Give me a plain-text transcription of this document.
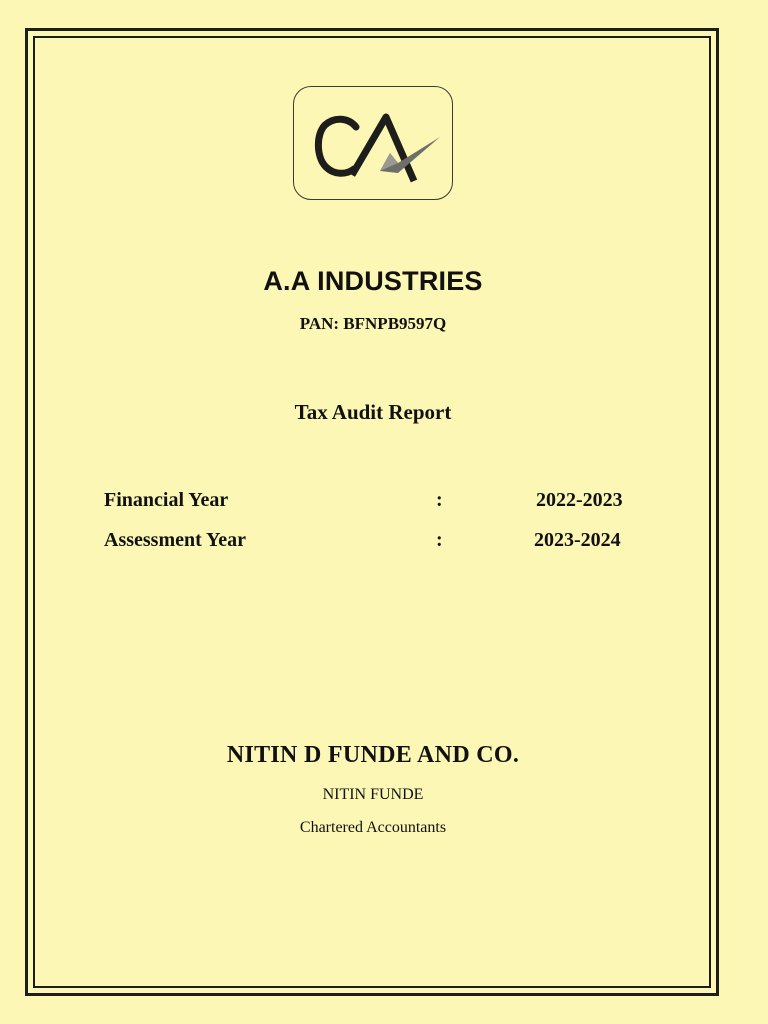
A.A INDUSTRIES
PAN: BFNPB9597Q
Tax Audit Report
Financial Year	:	2022-2023
Assessment Year	:	2023-2024
NITIN D FUNDE AND CO.
NITIN FUNDE
Chartered Accountants
